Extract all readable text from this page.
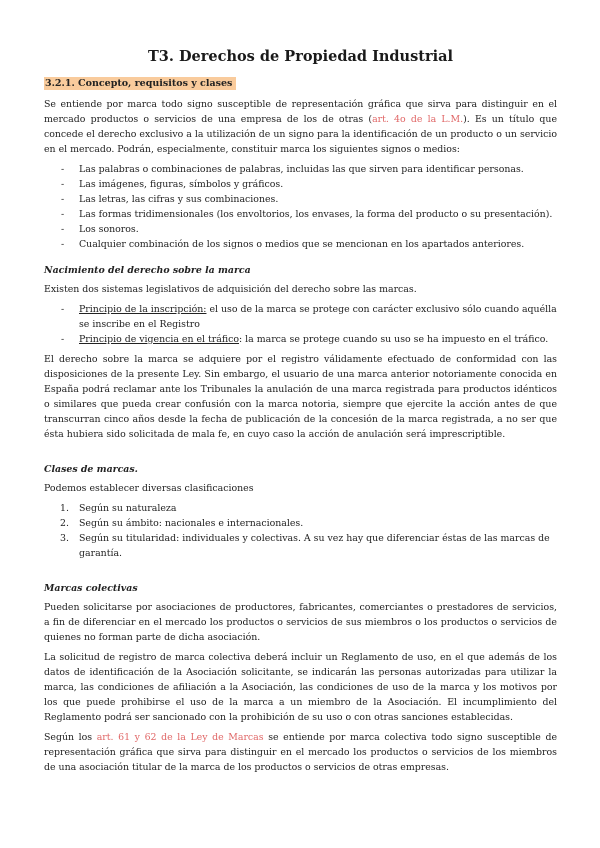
T3. Derechos de Propiedad Industrial
3.2.1. Concepto, requisitos y clases

Se entiende por marca todo signo susceptible de representación gráfica que sirva para distinguir en el mercado productos o servicios de una empresa de los de otras (art. 4o de la L.M.). Es un título que concede el derecho exclusivo a la utilización de un signo para la identificación de un producto o un servicio en el mercado. Podrán, especialmente, constituir marca los siguientes signos o medios:

- Las palabras o combinaciones de palabras, incluidas las que sirven para identificar personas.
- Las imágenes, figuras, símbolos y gráficos.
- Las letras, las cifras y sus combinaciones.
- Las formas tridimensionales (los envoltorios, los envases, la forma del producto o su presentación).
- Los sonoros.
- Cualquier combinación de los signos o medios que se mencionan en los apartados anteriores.
Nacimiento del derecho sobre la marca

Existen dos sistemas legislativos de adquisición del derecho sobre las marcas.

- Principio de la inscripción: el uso de la marca se protege con carácter exclusivo sólo cuando aquélla se inscribe en el Registro
- Principio de vigencia en el tráfico: la marca se protege cuando su uso se ha impuesto en el tráfico.

El derecho sobre la marca se adquiere por el registro válidamente efectuado de conformidad con las disposiciones de la presente Ley. Sin embargo, el usuario de una marca anterior notoriamente conocida en España podrá reclamar ante los Tribunales la anulación de una marca registrada para productos idénticos o similares que pueda crear confusión con la marca notoria, siempre que ejercite la acción antes de que transcurran cinco años desde la fecha de publicación de la concesión de la marca registrada, a no ser que ésta hubiera sido solicitada de mala fe, en cuyo caso la acción de anulación será imprescriptible.

Clases de marcas.

Podemos establecer diversas clasificaciones

1. Según su naturaleza
2. Según su ámbito: nacionales e internacionales.
3. Según su titularidad: individuales y colectivas. A su vez hay que diferenciar éstas de las marcas de garantía.
Marcas colectivas

Pueden solicitarse por asociaciones de productores, fabricantes, comerciantes o prestadores de servicios, a fin de diferenciar en el mercado los productos o servicios de sus miembros o los productos o servicios de quienes no forman parte de dicha asociación.

La solicitud de registro de marca colectiva deberá incluir un Reglamento de uso, en el que además de los datos de identificación de la Asociación solicitante, se indicarán las personas autorizadas para utilizar la marca, las condiciones de afiliación a la Asociación, las condiciones de uso de la marca y los motivos por los que puede prohibirse el uso de la marca a un miembro de la Asociación. El incumplimiento del Reglamento podrá ser sancionado con la prohibición de su uso o con otras sanciones establecidas.

Según los art. 61 y 62 de la Ley de Marcas se entiende por marca colectiva todo signo susceptible de representación gráfica que sirva para distinguir en el mercado los productos o servicios de los miembros de una asociación titular de la marca de los productos o servicios de otras empresas.
